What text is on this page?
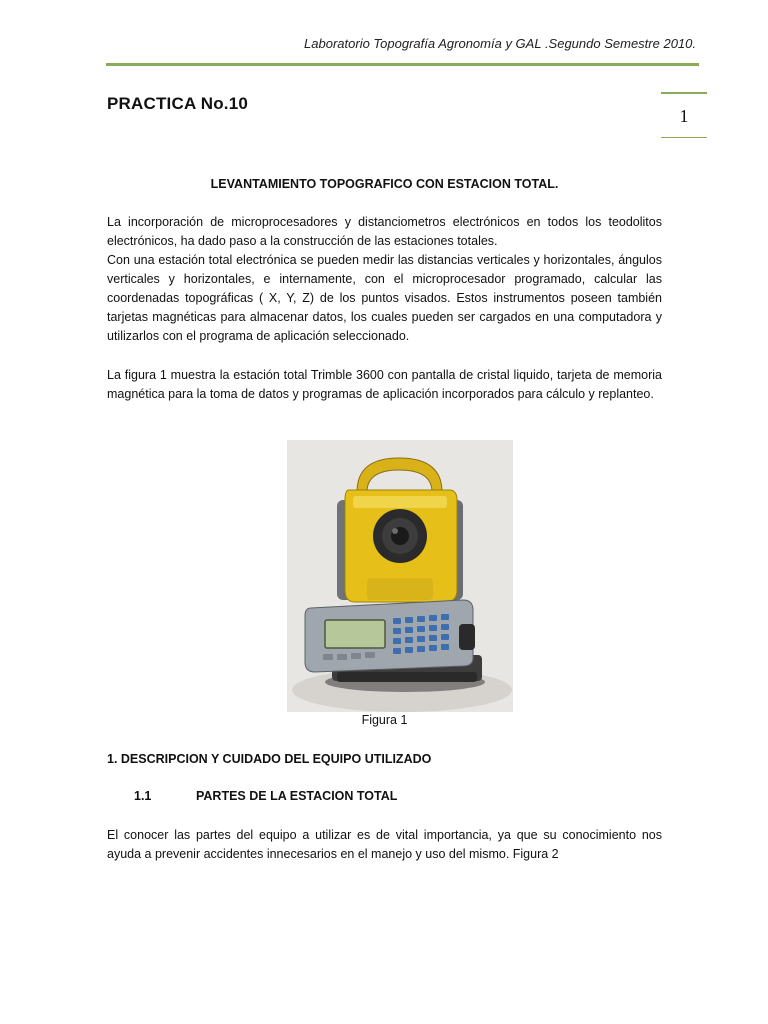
Laboratorio Topografía Agronomía y GAL .Segundo Semestre 2010.
PRACTICA No.10
1
LEVANTAMIENTO TOPOGRAFICO CON ESTACION TOTAL.

La incorporación de microprocesadores y distanciometros electrónicos en todos los teodolitos electrónicos, ha dado paso a la construcción de las estaciones totales.

Con una estación total electrónica se pueden medir las distancias verticales y horizontales, ángulos verticales y horizontales, e internamente, con el microprocesador programado, calcular las coordenadas topográficas ( X, Y, Z) de los puntos visados. Estos instrumentos poseen también tarjetas magnéticas para almacenar datos, los cuales pueden ser cargados en una computadora y utilizarlos con el programa de aplicación seleccionado.

La figura 1 muestra la estación total Trimble 3600 con pantalla de cristal liquido, tarjeta de memoria magnética para la toma de datos y programas de aplicación incorporados para cálculo y replanteo.

Figura 1
1. DESCRIPCION Y CUIDADO DEL EQUIPO UTILIZADO
1.1	PARTES DE LA ESTACION TOTAL

El conocer las partes del equipo a utilizar es de vital importancia, ya que su conocimiento nos ayuda a prevenir accidentes innecesarios en el manejo y uso del mismo. Figura 2
